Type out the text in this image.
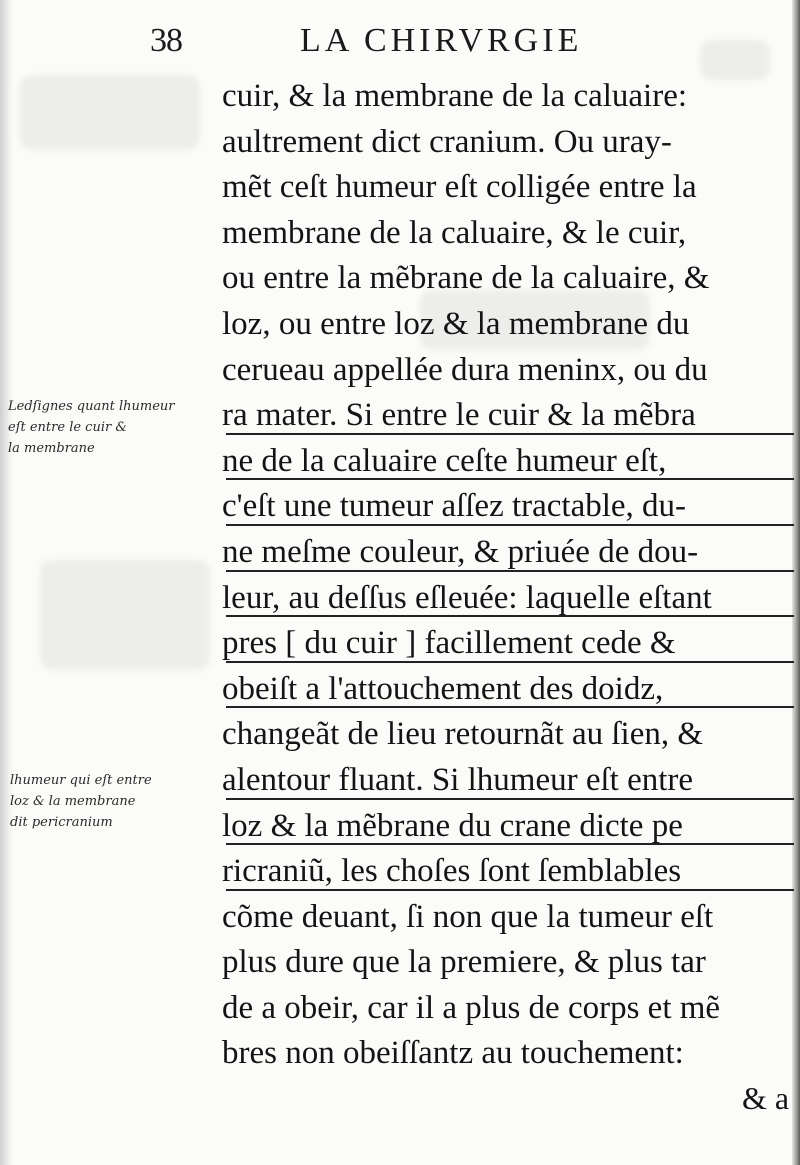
38	LA CHIRVRGIE
cuir, & la membrane de la caluaire:
aultrement dict cranium. Ou uray-
mẽt ceſt humeur eſt colligée entre la
membrane de la caluaire, & le cuir,
ou entre la mẽbrane de la caluaire, &
loz, ou entre loz & la membrane du
cerueau appellée dura meninx, ou du
ra mater. Si entre le cuir & la mẽbra
ne de la caluaire ceſte humeur eſt,
c'eſt une tumeur aſſez tractable, du-
ne meſme couleur, & priuée de dou-
leur, au deſſus eſleuée: laquelle eſtant
pres [ du cuir ] facillement cede &
obeiſt a l'attouchement des doidz,
changeãt de lieu retournãt au ſien, &
alentour fluant. Si lhumeur eſt entre
loz & la mẽbrane du crane dicte pe
ricraniũ, les choſes ſont ſemblables
cõme deuant, ſi non que la tumeur eſt
plus dure que la premiere, & plus tar
de a obeir, car il a plus de corps et mẽ
bres non obeiſſantz au touchement:
& a
Ledſignes quant lhumeur
eſt entre le cuir &
la membrane
lhumeur qui eſt entre
loz & la membrane
dit pericranium
